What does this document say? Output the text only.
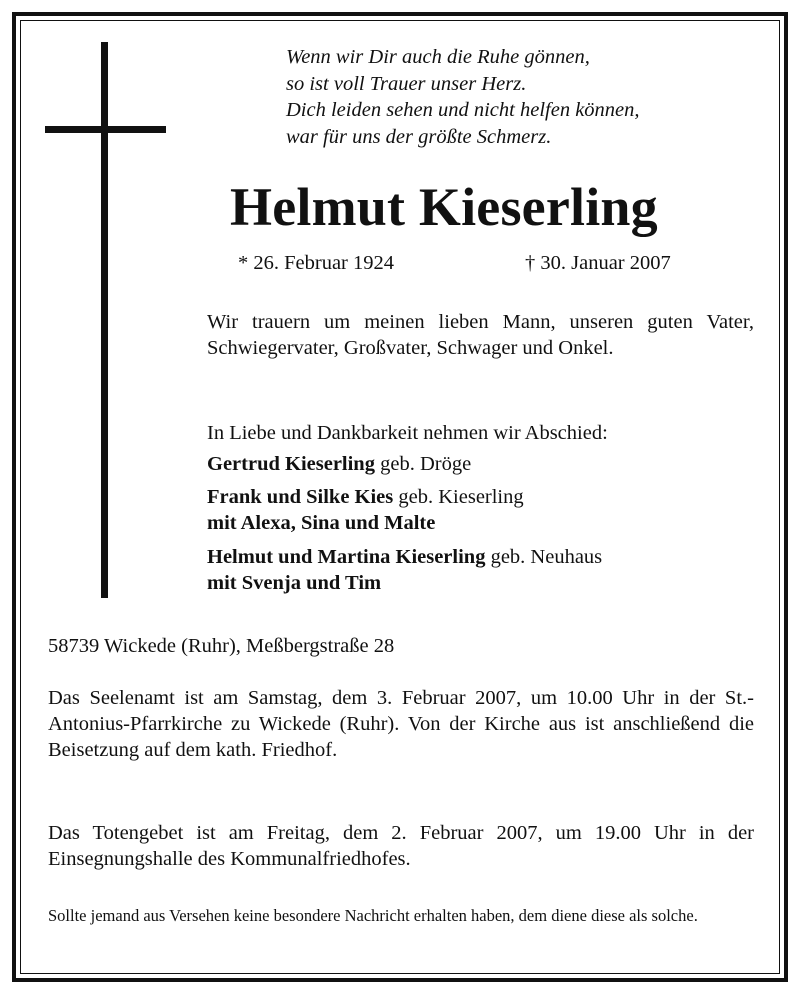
Wenn wir Dir auch die Ruhe gönnen,
so ist voll Trauer unser Herz.
Dich leiden sehen und nicht helfen können,
war für uns der größte Schmerz.
Helmut Kieserling
* 26. Februar 1924	† 30. Januar 2007
Wir trauern um meinen lieben Mann, unseren guten Vater, Schwiegervater, Großvater, Schwager und Onkel.
In Liebe und Dankbarkeit nehmen wir Abschied:
Gertrud Kieserling geb. Dröge
Frank und Silke Kies geb. Kieserling
mit Alexa, Sina und Malte
Helmut und Martina Kieserling geb. Neuhaus
mit Svenja und Tim
58739 Wickede (Ruhr), Meßbergstraße 28
Das Seelenamt ist am Samstag, dem 3. Februar 2007, um 10.00 Uhr in der St.-Antonius-Pfarrkirche zu Wickede (Ruhr). Von der Kirche aus ist anschließend die Beisetzung auf dem kath. Friedhof.
Das Totengebet ist am Freitag, dem 2. Februar 2007, um 19.00 Uhr in der Einsegnungshalle des Kommunalfriedhofes.
Sollte jemand aus Versehen keine besondere Nachricht erhalten haben, dem diene diese als solche.
